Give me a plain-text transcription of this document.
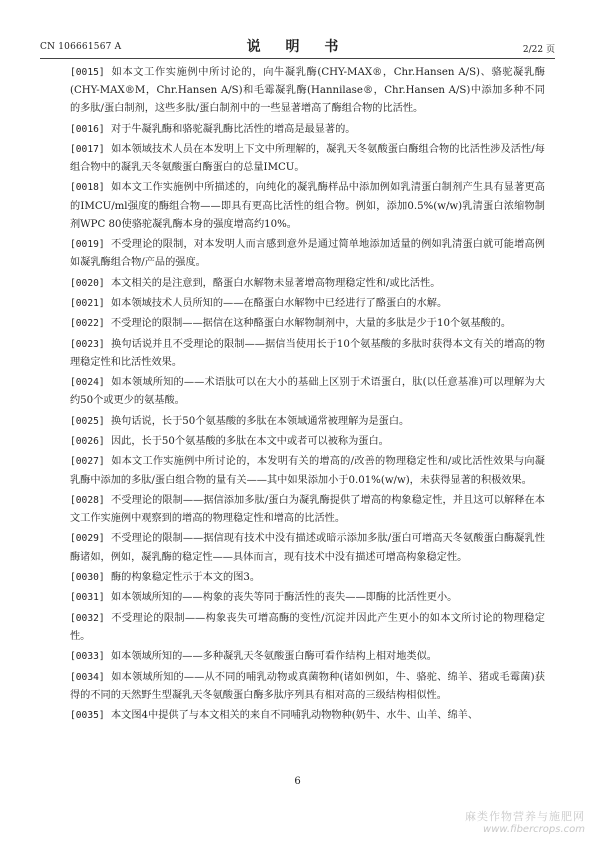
CN 106661567 A	说 明 书	2/22 页

[0015] 如本文工作实施例中所讨论的，向牛凝乳酶(CHY-MAX®，Chr.Hansen A/S)、骆驼凝乳酶(CHY-MAX®M，Chr.Hansen A/S)和毛霉凝乳酶(Hannilase®，Chr.Hansen A/S)中添加多种不同的多肽/蛋白制剂，这些多肽/蛋白制剂中的一些显著增高了酶组合物的比活性。

[0016] 对于牛凝乳酶和骆驼凝乳酶比活性的增高是最显著的。

[0017] 如本领域技术人员在本发明上下文中所理解的，凝乳天冬氨酸蛋白酶组合物的比活性涉及活性/每组合物中的凝乳天冬氨酸蛋白酶蛋白的总量IMCU。

[0018] 如本文工作实施例中所描述的，向纯化的凝乳酶样品中添加例如乳清蛋白制剂产生具有显著更高的IMCU/ml强度的酶组合物——即具有更高比活性的组合物。例如，添加0.5%(w/w)乳清蛋白浓缩物制剂WPC 80使骆驼凝乳酶本身的强度增高约10%。

[0019] 不受理论的限制，对本发明人而言感到意外是通过简单地添加适量的例如乳清蛋白就可能增高例如凝乳酶组合物/产品的强度。

[0020] 本文相关的是注意到，酪蛋白水解物未显著增高物理稳定性和/或比活性。

[0021] 如本领域技术人员所知的——在酪蛋白水解物中已经进行了酪蛋白的水解。

[0022] 不受理论的限制——据信在这种酪蛋白水解物制剂中，大量的多肽是少于10个氨基酸的。

[0023] 换句话说并且不受理论的限制——据信当使用长于10个氨基酸的多肽时获得本文有关的增高的物理稳定性和比活性效果。

[0024] 如本领域所知的——术语肽可以在大小的基础上区别于术语蛋白，肽(以任意基准)可以理解为大约50个或更少的氨基酸。

[0025] 换句话说，长于50个氨基酸的多肽在本领域通常被理解为是蛋白。

[0026] 因此，长于50个氨基酸的多肽在本文中或者可以被称为蛋白。

[0027] 如本文工作实施例中所讨论的，本发明有关的增高的/改善的物理稳定性和/或比活性效果与向凝乳酶中添加的多肽/蛋白组合物的量有关——其中如果添加小于0.01%(w/w)，未获得显著的积极效果。

[0028] 不受理论的限制——据信添加多肽/蛋白为凝乳酶提供了增高的构象稳定性，并且这可以解释在本文工作实施例中观察到的增高的物理稳定性和增高的比活性。

[0029] 不受理论的限制——据信现有技术中没有描述或暗示添加多肽/蛋白可增高天冬氨酸蛋白酶凝乳性酶诸如，例如，凝乳酶的稳定性——具体而言，现有技术中没有描述可增高构象稳定性。

[0030] 酶的构象稳定性示于本文的图3。

[0031] 如本领域所知的——构象的丧失等同于酶活性的丧失——即酶的比活性更小。

[0032] 不受理论的限制——构象丧失可增高酶的变性/沉淀并因此产生更小的如本文所讨论的物理稳定性。

[0033] 如本领域所知的——多种凝乳天冬氨酸蛋白酶可看作结构上相对地类似。

[0034] 如本领域所知的——从不同的哺乳动物或真菌物种(诸如例如，牛、骆驼、绵羊、猪或毛霉菌)获得的不同的天然野生型凝乳天冬氨酸蛋白酶多肽序列具有相对高的三级结构相似性。

[0035] 本文图4中提供了与本文相关的来自不同哺乳动物物种(奶牛、水牛、山羊、绵羊、

6
麻类作物营养与施肥网
www.fibercrops.com
